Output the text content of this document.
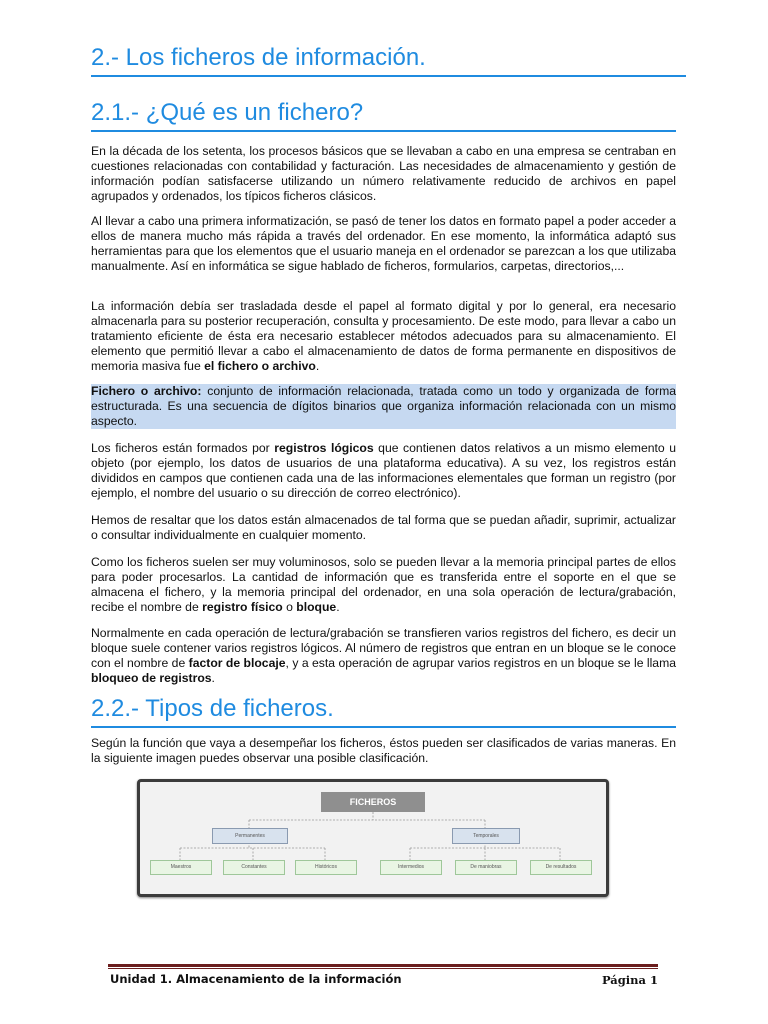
2.- Los ficheros de información.
2.1.- ¿Qué es un fichero?

En la década de los setenta, los procesos básicos que se llevaban a cabo en una empresa se centraban en cuestiones relacionadas con contabilidad y facturación. Las necesidades de almacenamiento y gestión de información podían satisfacerse utilizando un número relativamente reducido de archivos en papel agrupados y ordenados, los típicos ficheros clásicos.

Al llevar a cabo una primera informatización, se pasó de tener los datos en formato papel a poder acceder a ellos de manera mucho más rápida a través del ordenador. En ese momento, la informática adaptó sus herramientas para que los elementos que el usuario maneja en el ordenador se parezcan a los que utilizaba manualmente. Así en informática se sigue hablado de ficheros, formularios, carpetas, directorios,...

La información debía ser trasladada desde el papel al formato digital y por lo general, era necesario almacenarla para su posterior recuperación, consulta y procesamiento. De este modo, para llevar a cabo un tratamiento eficiente de ésta era necesario establecer métodos adecuados para su almacenamiento. El elemento que permitió llevar a cabo el almacenamiento de datos de forma permanente en dispositivos de memoria masiva fue el fichero o archivo.

Fichero o archivo: conjunto de información relacionada, tratada como un todo y organizada de forma estructurada. Es una secuencia de dígitos binarios que organiza información relacionada con un mismo aspecto.

Los ficheros están formados por registros lógicos que contienen datos relativos a un mismo elemento u objeto (por ejemplo, los datos de usuarios de una plataforma educativa). A su vez, los registros están divididos en campos que contienen cada una de las informaciones elementales que forman un registro (por ejemplo, el nombre del usuario o su dirección de correo electrónico).

Hemos de resaltar que los datos están almacenados de tal forma que se puedan añadir, suprimir, actualizar o consultar individualmente en cualquier momento.

Como los ficheros suelen ser muy voluminosos, solo se pueden llevar a la memoria principal partes de ellos para poder procesarlos. La cantidad de información que es transferida entre el soporte en el que se almacena el fichero, y la memoria principal del ordenador, en una sola operación de lectura/grabación, recibe el nombre de registro físico o bloque.

Normalmente en cada operación de lectura/grabación se transfieren varios registros del fichero, es decir un bloque suele contener varios registros lógicos. Al número de registros que entran en un bloque se le conoce con el nombre de factor de blocaje, y a esta operación de agrupar varios registros en un bloque se le llama bloqueo de registros.

2.2.- Tipos de ficheros.

Según la función que vaya a desempeñar los ficheros, éstos pueden ser clasificados de varias maneras. En la siguiente imagen puedes observar una posible clasificación.

FICHEROS
Permanentes	Temporales
Maestros	Constantes	Históricos	Intermedios	De maniobras	De resultados
Unidad 1. Almacenamiento de la información	Página 1
